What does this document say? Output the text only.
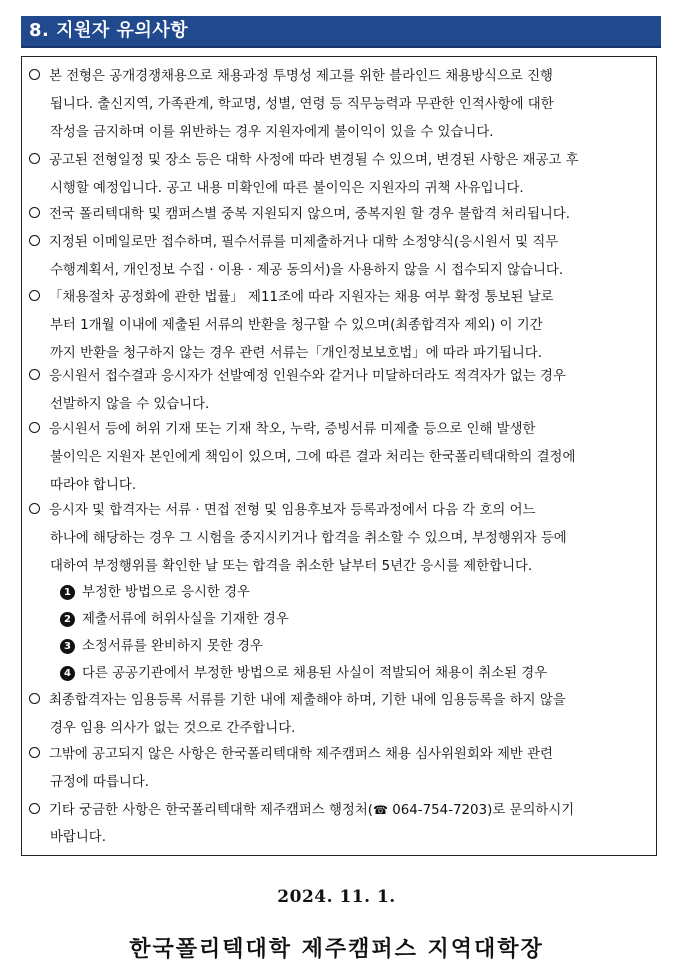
8. 지원자 유의사항
본 전형은 공개경쟁채용으로 채용과정 투명성 제고를 위한 블라인드 채용방식으로 진행
됩니다. 출신지역, 가족관계, 학교명, 성별, 연령 등 직무능력과 무관한 인적사항에 대한
작성을 금지하며 이를 위반하는 경우 지원자에게 불이익이 있을 수 있습니다.
공고된 전형일정 및 장소 등은 대학 사정에 따라 변경될 수 있으며, 변경된 사항은 재공고 후
시행할 예정입니다. 공고 내용 미확인에 따른 불이익은 지원자의 귀책 사유입니다.
전국 폴리텍대학 및 캠퍼스별 중복 지원되지 않으며, 중복지원 할 경우 불합격 처리됩니다.
지정된 이메일로만 접수하며, 필수서류를 미제출하거나 대학 소정양식(응시원서 및 직무
수행계획서, 개인정보 수집 · 이용 · 제공 동의서)을 사용하지 않을 시 접수되지 않습니다.
「채용절차 공정화에 관한 법률」 제11조에 따라 지원자는 채용 여부 확정 통보된 날로
부터 1개월 이내에 제출된 서류의 반환을 청구할 수 있으며(최종합격자 제외) 이 기간
까지 반환을 청구하지 않는 경우 관련 서류는「개인정보보호법」에 따라 파기됩니다.
응시원서 접수결과 응시자가 선발예정 인원수와 같거나 미달하더라도 적격자가 없는 경우
선발하지 않을 수 있습니다.
응시원서 등에 허위 기재 또는 기재 착오, 누락, 증빙서류 미제출 등으로 인해 발생한
불이익은 지원자 본인에게 책임이 있으며, 그에 따른 결과 처리는 한국폴리텍대학의 결정에
따라야 합니다.
응시자 및 합격자는 서류 · 면접 전형 및 임용후보자 등록과정에서 다음 각 호의 어느
하나에 해당하는 경우 그 시험을 중지시키거나 합격을 취소할 수 있으며, 부정행위자 등에
대하여 부정행위를 확인한 날 또는 합격을 취소한 날부터 5년간 응시를 제한합니다.
1 부정한 방법으로 응시한 경우
2 제출서류에 허위사실을 기재한 경우
3 소정서류를 완비하지 못한 경우
4 다른 공공기관에서 부정한 방법으로 채용된 사실이 적발되어 채용이 취소된 경우
최종합격자는 임용등록 서류를 기한 내에 제출해야 하며, 기한 내에 임용등록을 하지 않을
경우 임용 의사가 없는 것으로 간주합니다.
그밖에 공고되지 않은 사항은 한국폴리텍대학 제주캠퍼스 채용 심사위원회와 제반 관련
규정에 따릅니다.
기타 궁금한 사항은 한국폴리텍대학 제주캠퍼스 행정처(☎ 064-754-7203)로 문의하시기
바랍니다.
2024. 11. 1.
한국폴리텍대학 제주캠퍼스 지역대학장
